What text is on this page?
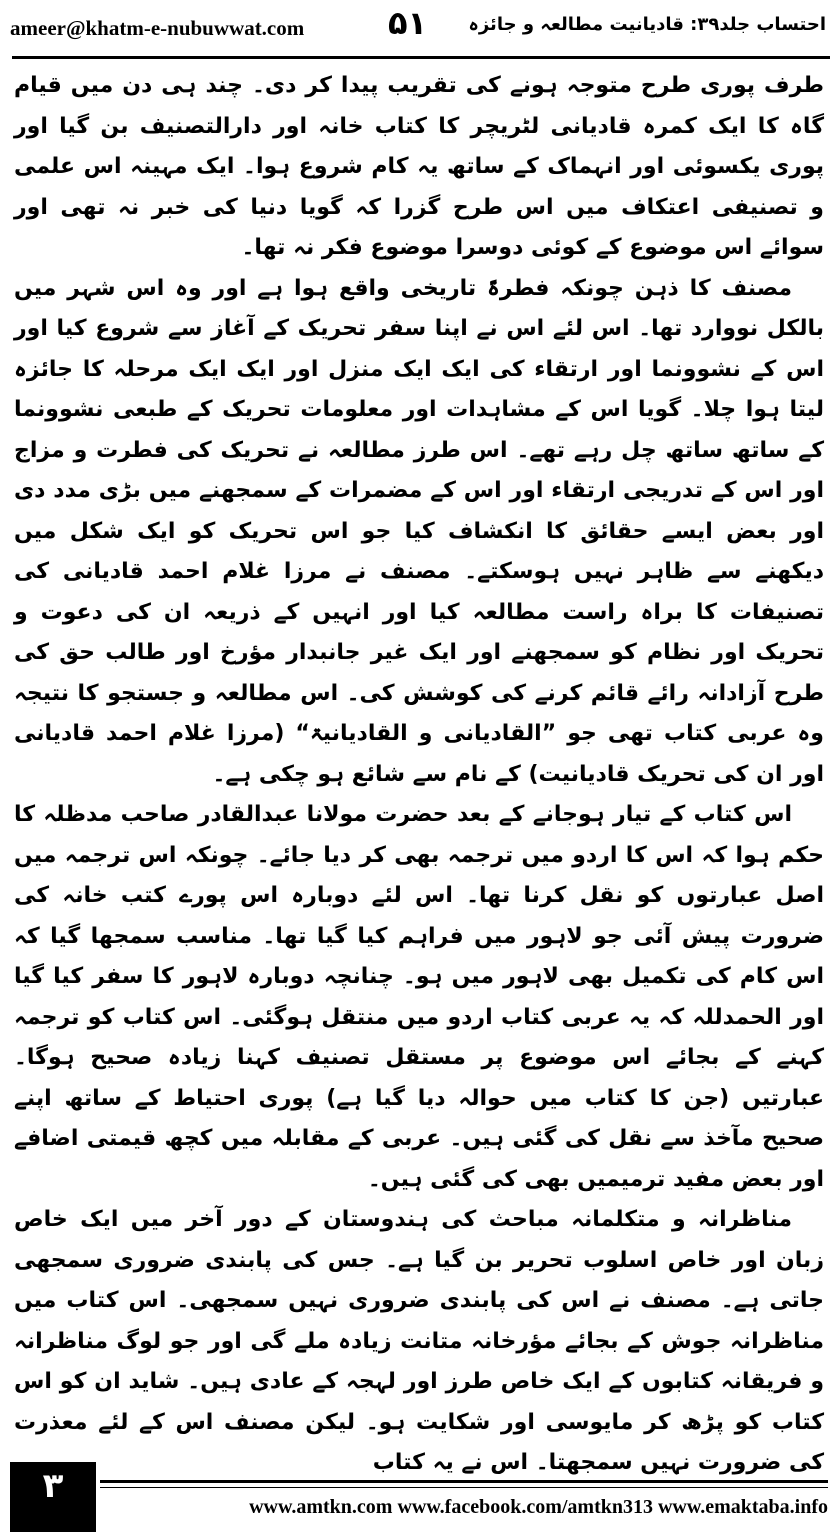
ameer@khatm-e-nubuwwat.com	۵۱ احتساب جلد۳۹: قادیانیت مطالعہ و جائزہ

طرف پوری طرح متوجہ ہونے کی تقریب پیدا کر دی۔ چند ہی دن میں قیام گاہ کا ایک کمرہ قادیانی لٹریچر کا کتاب خانہ اور دارالتصنیف بن گیا اور پوری یکسوئی اور انہماک کے ساتھ یہ کام شروع ہوا۔ ایک مہینہ اس علمی و تصنیفی اعتکاف میں اس طرح گزرا کہ گویا دنیا کی خبر نہ تھی اور سوائے اس موضوع کے کوئی دوسرا موضوع فکر نہ تھا۔

مصنف کا ذہن چونکہ فطرۃً تاریخی واقع ہوا ہے اور وہ اس شہر میں بالکل نووارد تھا۔ اس لئے اس نے اپنا سفر تحریک کے آغاز سے شروع کیا اور اس کے نشوونما اور ارتقاء کی ایک ایک منزل اور ایک ایک مرحلہ کا جائزہ لیتا ہوا چلا۔ گویا اس کے مشاہدات اور معلومات تحریک کے طبعی نشوونما کے ساتھ ساتھ چل رہے تھے۔ اس طرز مطالعہ نے تحریک کی فطرت و مزاج اور اس کے تدریجی ارتقاء اور اس کے مضمرات کے سمجھنے میں بڑی مدد دی اور بعض ایسے حقائق کا انکشاف کیا جو اس تحریک کو ایک شکل میں دیکھنے سے ظاہر نہیں ہوسکتے۔ مصنف نے مرزا غلام احمد قادیانی کی تصنیفات کا براہ راست مطالعہ کیا اور انہیں کے ذریعہ ان کی دعوت و تحریک اور نظام کو سمجھنے اور ایک غیر جانبدار مؤرخ اور طالب حق کی طرح آزادانہ رائے قائم کرنے کی کوشش کی۔ اس مطالعہ و جستجو کا نتیجہ وہ عربی کتاب تھی جو ”القادیانی و القادیانیۃ“ (مرزا غلام احمد قادیانی اور ان کی تحریک قادیانیت) کے نام سے شائع ہو چکی ہے۔

اس کتاب کے تیار ہوجانے کے بعد حضرت مولانا عبدالقادر صاحب مدظلہ کا حکم ہوا کہ اس کا اردو میں ترجمہ بھی کر دیا جائے۔ چونکہ اس ترجمہ میں اصل عبارتوں کو نقل کرنا تھا۔ اس لئے دوبارہ اس پورے کتب خانہ کی ضرورت پیش آئی جو لاہور میں فراہم کیا گیا تھا۔ مناسب سمجھا گیا کہ اس کام کی تکمیل بھی لاہور میں ہو۔ چنانچہ دوبارہ لاہور کا سفر کیا گیا اور الحمدللہ کہ یہ عربی کتاب اردو میں منتقل ہوگئی۔ اس کتاب کو ترجمہ کہنے کے بجائے اس موضوع پر مستقل تصنیف کہنا زیادہ صحیح ہوگا۔ عبارتیں (جن کا کتاب میں حوالہ دیا گیا ہے) پوری احتیاط کے ساتھ اپنے صحیح مآخذ سے نقل کی گئی ہیں۔ عربی کے مقابلہ میں کچھ قیمتی اضافے اور بعض مفید ترمیمیں بھی کی گئی ہیں۔

مناظرانہ و متکلمانہ مباحث کی ہندوستان کے دور آخر میں ایک خاص زبان اور خاص اسلوب تحریر بن گیا ہے۔ جس کی پابندی ضروری سمجھی جاتی ہے۔ مصنف نے اس کی پابندی ضروری نہیں سمجھی۔ اس کتاب میں مناظرانہ جوش کے بجائے مؤرخانہ متانت زیادہ ملے گی اور جو لوگ مناظرانہ و فریقانہ کتابوں کے ایک خاص طرز اور لہجہ کے عادی ہیں۔ شاید ان کو اس کتاب کو پڑھ کر مایوسی اور شکایت ہو۔ لیکن مصنف اس کے لئے معذرت کی ضرورت نہیں سمجھتا۔ اس نے یہ کتاب

۳
www.amtkn.com www.facebook.com/amtkn313 www.emaktaba.info
